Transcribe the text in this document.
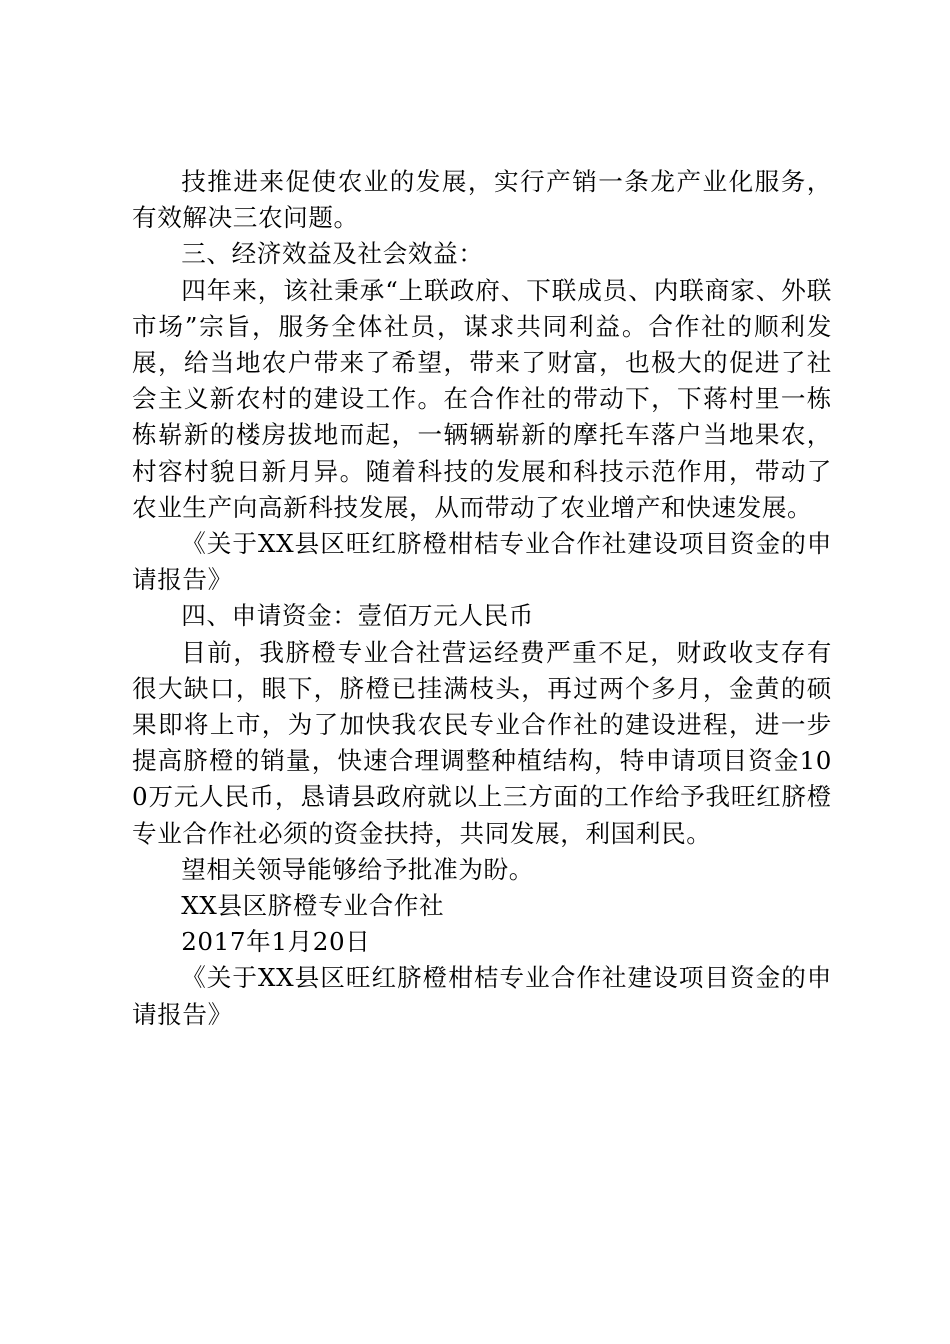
技推进来促使农业的发展，实行产销一条龙产业化服务，有效解决三农问题。

三、经济效益及社会效益：

四年来，该社秉承“上联政府、下联成员、内联商家、外联市场”宗旨，服务全体社员，谋求共同利益。合作社的顺利发展，给当地农户带来了希望，带来了财富，也极大的促进了社会主义新农村的建设工作。在合作社的带动下，下蒋村里一栋栋崭新的楼房拔地而起，一辆辆崭新的摩托车落户当地果农，村容村貌日新月异。随着科技的发展和科技示范作用，带动了农业生产向高新科技发展，从而带动了农业增产和快速发展。

《关于XX县区旺红脐橙柑桔专业合作社建设项目资金的申请报告》

四、申请资金：壹佰万元人民币

目前，我脐橙专业合社营运经费严重不足，财政收支存有很大缺口，眼下，脐橙已挂满枝头，再过两个多月，金黄的硕果即将上市，为了加快我农民专业合作社的建设进程，进一步提高脐橙的销量，快速合理调整种植结构，特申请项目资金100万元人民币，恳请县政府就以上三方面的工作给予我旺红脐橙专业合作社必须的资金扶持，共同发展，利国利民。

望相关领导能够给予批准为盼。

XX县区脐橙专业合作社

2017年1月20日

《关于XX县区旺红脐橙柑桔专业合作社建设项目资金的申请报告》
